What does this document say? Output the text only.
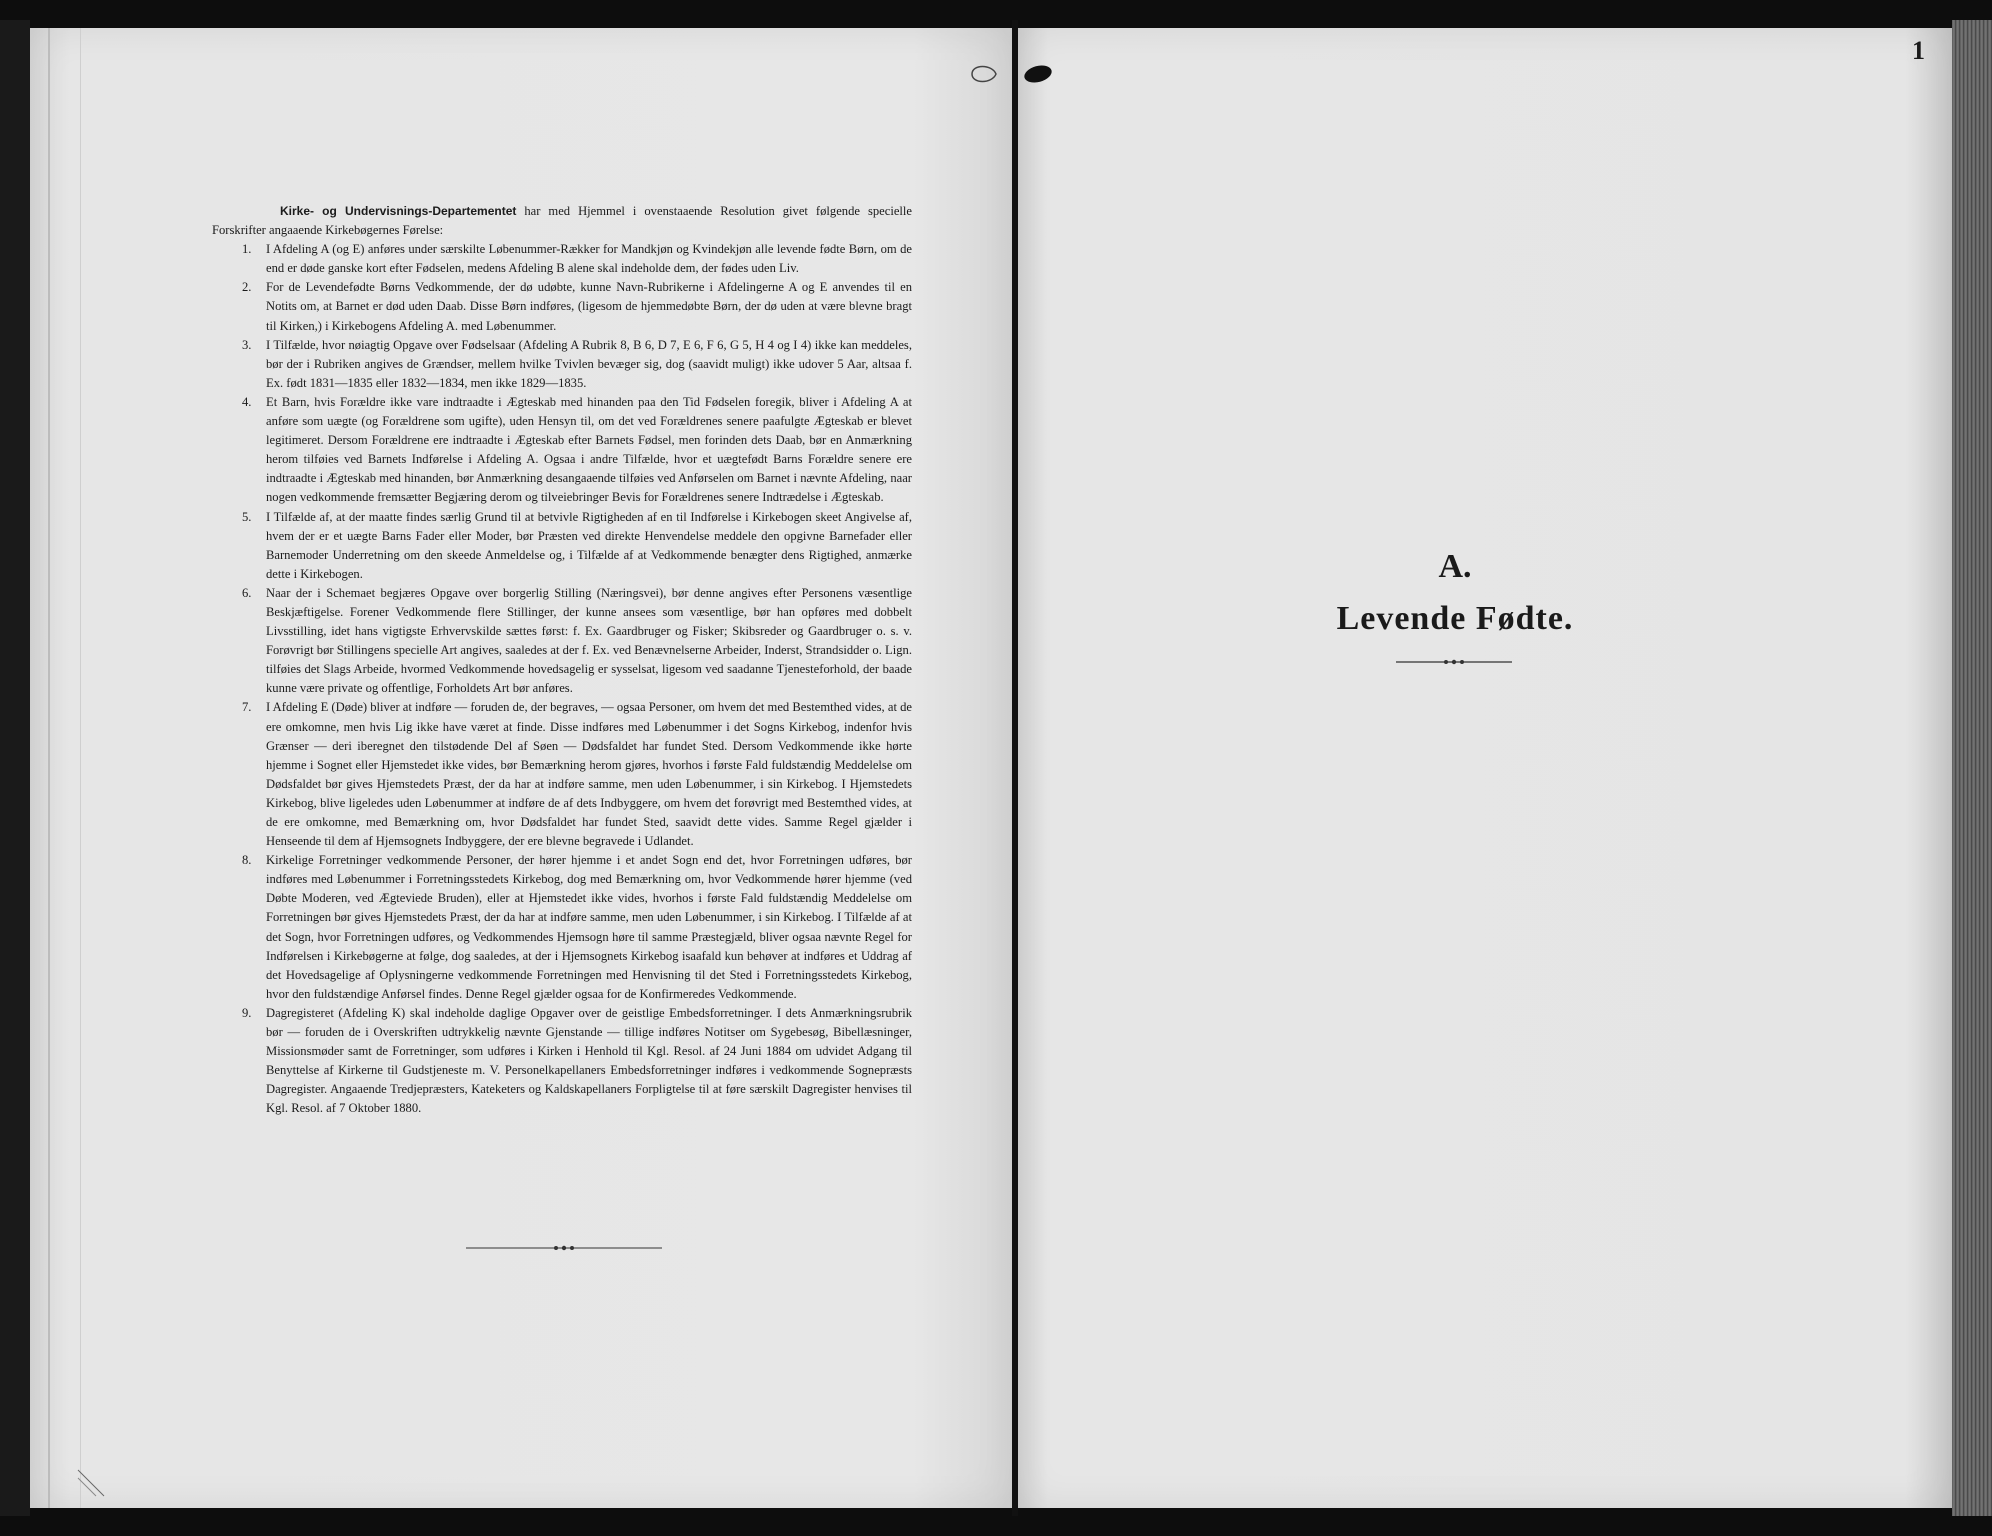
Kirke- og Undervisnings-Departementet har med Hjemmel i ovenstaaende Resolution givet følgende specielle Forskrifter angaaende Kirkebøgernes Førelse:

1. I Afdeling A (og E) anføres under særskilte Løbenummer-Rækker for Mandkjøn og Kvindekjøn alle levende fødte Børn, om de end er døde ganske kort efter Fødselen, medens Afdeling B alene skal indeholde dem, der fødes uden Liv.
2. For de Levendefødte Børns Vedkommende, der dø udøbte, kunne Navn-Rubrikerne i Afdelingerne A og E anvendes til en Notits om, at Barnet er død uden Daab. Disse Børn indføres, (ligesom de hjemmedøbte Børn, der dø uden at være blevne bragt til Kirken,) i Kirkebogens Afdeling A. med Løbenummer.
3. I Tilfælde, hvor nøiagtig Opgave over Fødselsaar (Afdeling A Rubrik 8, B 6, D 7, E 6, F 6, G 5, H 4 og I 4) ikke kan meddeles, bør der i Rubriken angives de Grændser, mellem hvilke Tvivlen bevæger sig, dog (saavidt muligt) ikke udover 5 Aar, altsaa f. Ex. født 1831—1835 eller 1832—1834, men ikke 1829—1835.
4. Et Barn, hvis Forældre ikke vare indtraadte i Ægteskab med hinanden paa den Tid Fødselen foregik, bliver i Afdeling A at anføre som uægte (og Forældrene som ugifte), uden Hensyn til, om det ved Forældrenes senere paafulgte Ægteskab er blevet legitimeret. Dersom Forældrene ere indtraadte i Ægteskab efter Barnets Fødsel, men forinden dets Daab, bør en Anmærkning herom tilføies ved Barnets Indførelse i Afdeling A. Ogsaa i andre Tilfælde, hvor et uægtefødt Barns Forældre senere ere indtraadte i Ægteskab med hinanden, bør Anmærkning desangaaende tilføies ved Anførselen om Barnet i nævnte Afdeling, naar nogen vedkommende fremsætter Begjæring derom og tilveiebringer Bevis for Forældrenes senere Indtrædelse i Ægteskab.
5. I Tilfælde af, at der maatte findes særlig Grund til at betvivle Rigtigheden af en til Indførelse i Kirkebogen skeet Angivelse af, hvem der er et uægte Barns Fader eller Moder, bør Præsten ved direkte Henvendelse meddele den opgivne Barnefader eller Barnemoder Underretning om den skeede Anmeldelse og, i Tilfælde af at Vedkommende benægter dens Rigtighed, anmærke dette i Kirkebogen.
6. Naar der i Schemaet begjæres Opgave over borgerlig Stilling (Næringsvei), bør denne angives efter Personens væsentlige Beskjæftigelse. Forener Vedkommende flere Stillinger, der kunne ansees som væsentlige, bør han opføres med dobbelt Livsstilling, idet hans vigtigste Erhvervskilde sættes først: f. Ex. Gaardbruger og Fisker; Skibsreder og Gaardbruger o. s. v. Forøvrigt bør Stillingens specielle Art angives, saaledes at der f. Ex. ved Benævnelserne Arbeider, Inderst, Strandsidder o. Lign. tilføies det Slags Arbeide, hvormed Vedkommende hovedsagelig er sysselsat, ligesom ved saadanne Tjenesteforhold, der baade kunne være private og offentlige, Forholdets Art bør anføres.
7. I Afdeling E (Døde) bliver at indføre — foruden de, der begraves, — ogsaa Personer, om hvem det med Bestemthed vides, at de ere omkomne, men hvis Lig ikke have været at finde. Disse indføres med Løbenummer i det Sogns Kirkebog, indenfor hvis Grænser — deri iberegnet den tilstødende Del af Søen — Dødsfaldet har fundet Sted. Dersom Vedkommende ikke hørte hjemme i Sognet eller Hjemstedet ikke vides, bør Bemærkning herom gjøres, hvorhos i første Fald fuldstændig Meddelelse om Dødsfaldet bør gives Hjemstedets Præst, der da har at indføre samme, men uden Løbenummer, i sin Kirkebog. I Hjemstedets Kirkebog, blive ligeledes uden Løbenummer at indføre de af dets Indbyggere, om hvem det forøvrigt med Bestemthed vides, at de ere omkomne, med Bemærkning om, hvor Dødsfaldet har fundet Sted, saavidt dette vides. Samme Regel gjælder i Henseende til dem af Hjemsognets Indbyggere, der ere blevne begravede i Udlandet.
8. Kirkelige Forretninger vedkommende Personer, der hører hjemme i et andet Sogn end det, hvor Forretningen udføres, bør indføres med Løbenummer i Forretningsstedets Kirkebog, dog med Bemærkning om, hvor Vedkommende hører hjemme (ved Døbte Moderen, ved Ægteviede Bruden), eller at Hjemstedet ikke vides, hvorhos i første Fald fuldstændig Meddelelse om Forretningen bør gives Hjemstedets Præst, der da har at indføre samme, men uden Løbenummer, i sin Kirkebog. I Tilfælde af at det Sogn, hvor Forretningen udføres, og Vedkommendes Hjemsogn høre til samme Præstegjæld, bliver ogsaa nævnte Regel for Indførelsen i Kirkebøgerne at følge, dog saaledes, at der i Hjemsognets Kirkebog isaafald kun behøver at indføres et Uddrag af det Hovedsagelige af Oplysningerne vedkommende Forretningen med Henvisning til det Sted i Forretningsstedets Kirkebog, hvor den fuldstændige Anførsel findes. Denne Regel gjælder ogsaa for de Konfirmeredes Vedkommende.
9. Dagregisteret (Afdeling K) skal indeholde daglige Opgaver over de geistlige Embedsforretninger. I dets Anmærkningsrubrik bør — foruden de i Overskriften udtrykkelig nævnte Gjenstande — tillige indføres Notitser om Sygebesøg, Bibellæsninger, Missionsmøder samt de Forretninger, som udføres i Kirken i Henhold til Kgl. Resol. af 24 Juni 1884 om udvidet Adgang til Benyttelse af Kirkerne til Gudstjeneste m. V. Personelkapellaners Embedsforretninger indføres i vedkommende Sognepræsts Dagregister. Angaaende Tredjepræsters, Kateketers og Kaldskapellaners Forpligtelse til at føre særskilt Dagregister henvises til Kgl. Resol. af 7 Oktober 1880.
A.
Levende Fødte.
1
